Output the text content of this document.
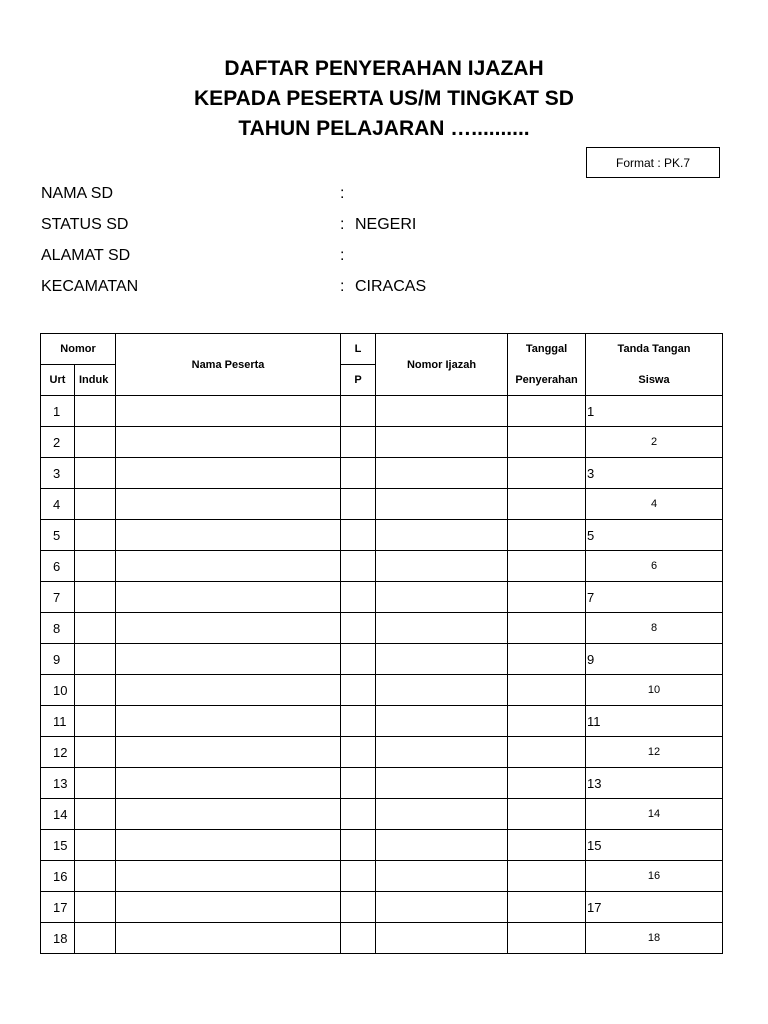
DAFTAR PENYERAHAN IJAZAH
KEPADA PESERTA US/M TINGKAT SD
TAHUN PELAJARAN …..........
Format : PK.7
NAMA SD	:
STATUS SD	: NEGERI
ALAMAT SD	:
KECAMATAN	: CIRACAS
Nomor		Nama Peserta	L	Nomor Ijazah	Tanggal	Tanda Tangan
Urt	Induk		P		Penyerahan	Siswa
1						1
2						2
3						3
4						4
5						5
6						6
7						7
8						8
9						9
10						10
11						11
12						12
13						13
14						14
15						15
16						16
17						17
18						18
